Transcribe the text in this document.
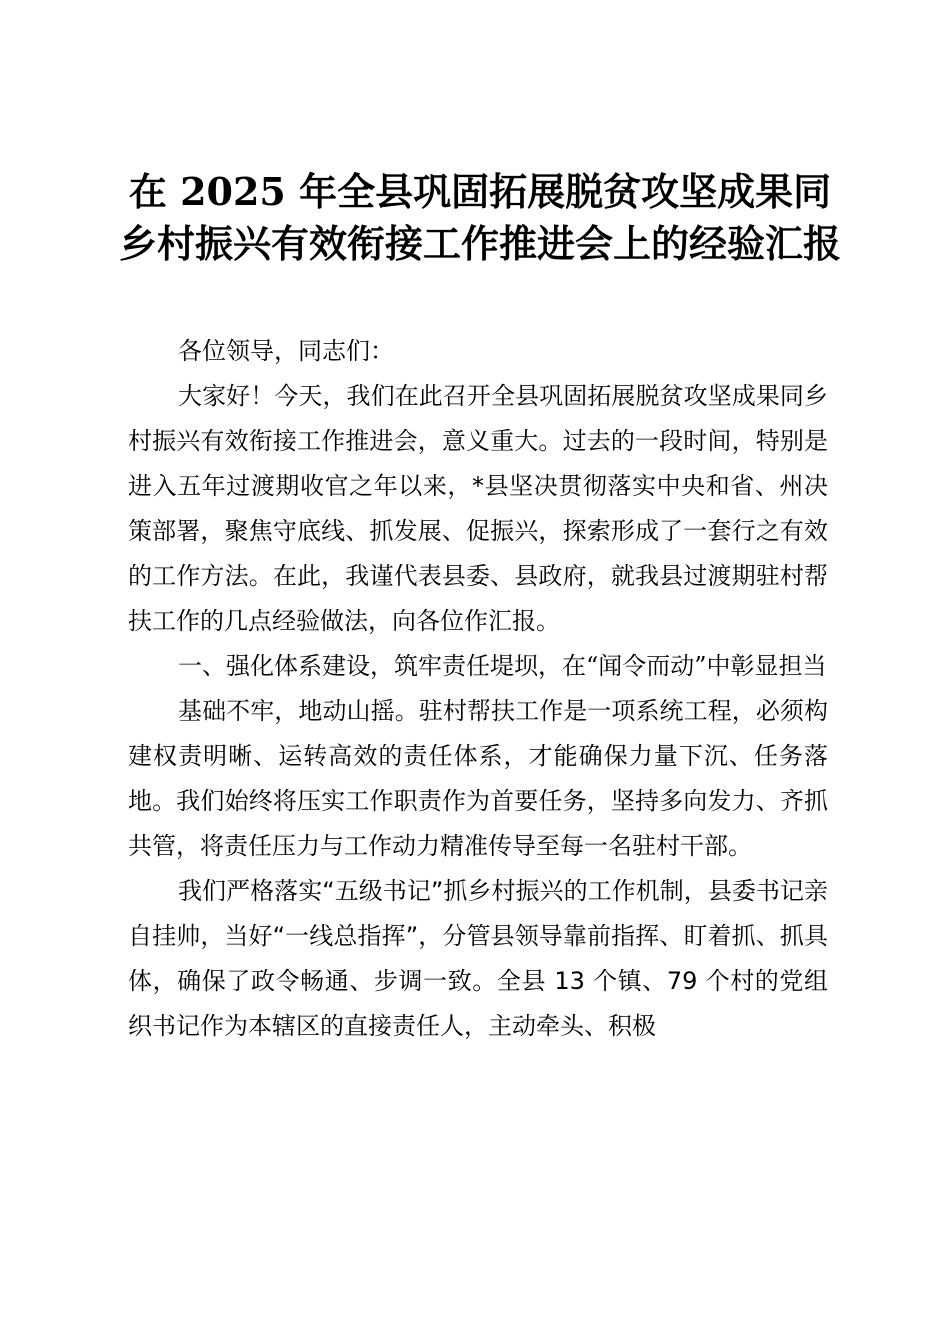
在 2025 年全县巩固拓展脱贫攻坚成果同乡村振兴有效衔接工作推进会上的经验汇报

各位领导，同志们：

大家好！今天，我们在此召开全县巩固拓展脱贫攻坚成果同乡村振兴有效衔接工作推进会，意义重大。过去的一段时间，特别是进入五年过渡期收官之年以来，*县坚决贯彻落实中央和省、州决策部署，聚焦守底线、抓发展、促振兴，探索形成了一套行之有效的工作方法。在此，我谨代表县委、县政府，就我县过渡期驻村帮扶工作的几点经验做法，向各位作汇报。

一、强化体系建设，筑牢责任堤坝，在“闻令而动”中彰显担当

基础不牢，地动山摇。驻村帮扶工作是一项系统工程，必须构建权责明晰、运转高效的责任体系，才能确保力量下沉、任务落地。我们始终将压实工作职责作为首要任务，坚持多向发力、齐抓共管，将责任压力与工作动力精准传导至每一名驻村干部。

我们严格落实“五级书记”抓乡村振兴的工作机制，县委书记亲自挂帅，当好“一线总指挥”，分管县领导靠前指挥、盯着抓、抓具体，确保了政令畅通、步调一致。全县 13 个镇、79 个村的党组织书记作为本辖区的直接责任人，主动牵头、积极
